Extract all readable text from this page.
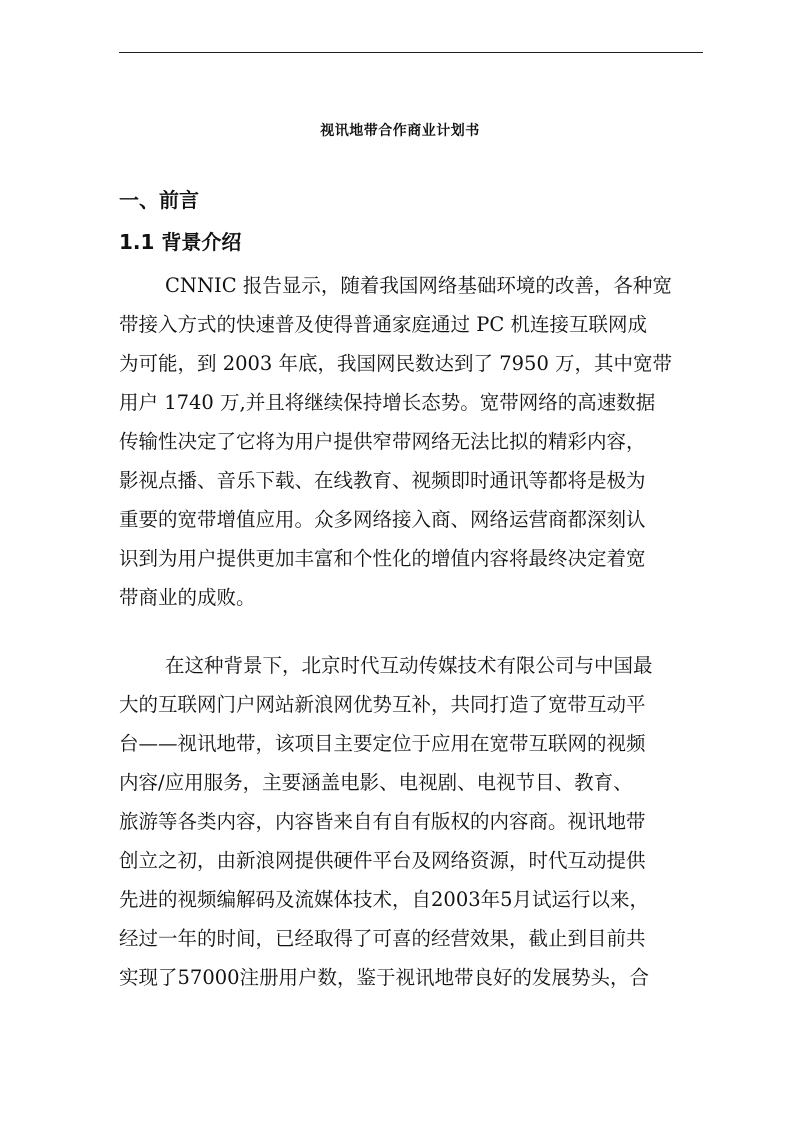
视讯地带合作商业计划书
一、前言
1.1 背景介绍
CNNIC 报告显示，随着我国网络基础环境的改善，各种宽
带接入方式的快速普及使得普通家庭通过 PC 机连接互联网成
为可能，到 2003 年底，我国网民数达到了 7950 万，其中宽带
用户 1740 万,并且将继续保持增长态势。宽带网络的高速数据
传输性决定了它将为用户提供窄带网络无法比拟的精彩内容，
影视点播、音乐下载、在线教育、视频即时通讯等都将是极为
重要的宽带增值应用。众多网络接入商、网络运营商都深刻认
识到为用户提供更加丰富和个性化的增值内容将最终决定着宽
带商业的成败。
在这种背景下，北京时代互动传媒技术有限公司与中国最
大的互联网门户网站新浪网优势互补，共同打造了宽带互动平
台——视讯地带，该项目主要定位于应用在宽带互联网的视频
内容/应用服务，主要涵盖电影、电视剧、电视节目、教育、
旅游等各类内容，内容皆来自有自有版权的内容商。视讯地带
创立之初，由新浪网提供硬件平台及网络资源，时代互动提供
先进的视频编解码及流媒体技术，自2003年5月试运行以来，
经过一年的时间，已经取得了可喜的经营效果，截止到目前共
实现了57000注册用户数，鉴于视讯地带良好的发展势头，合
